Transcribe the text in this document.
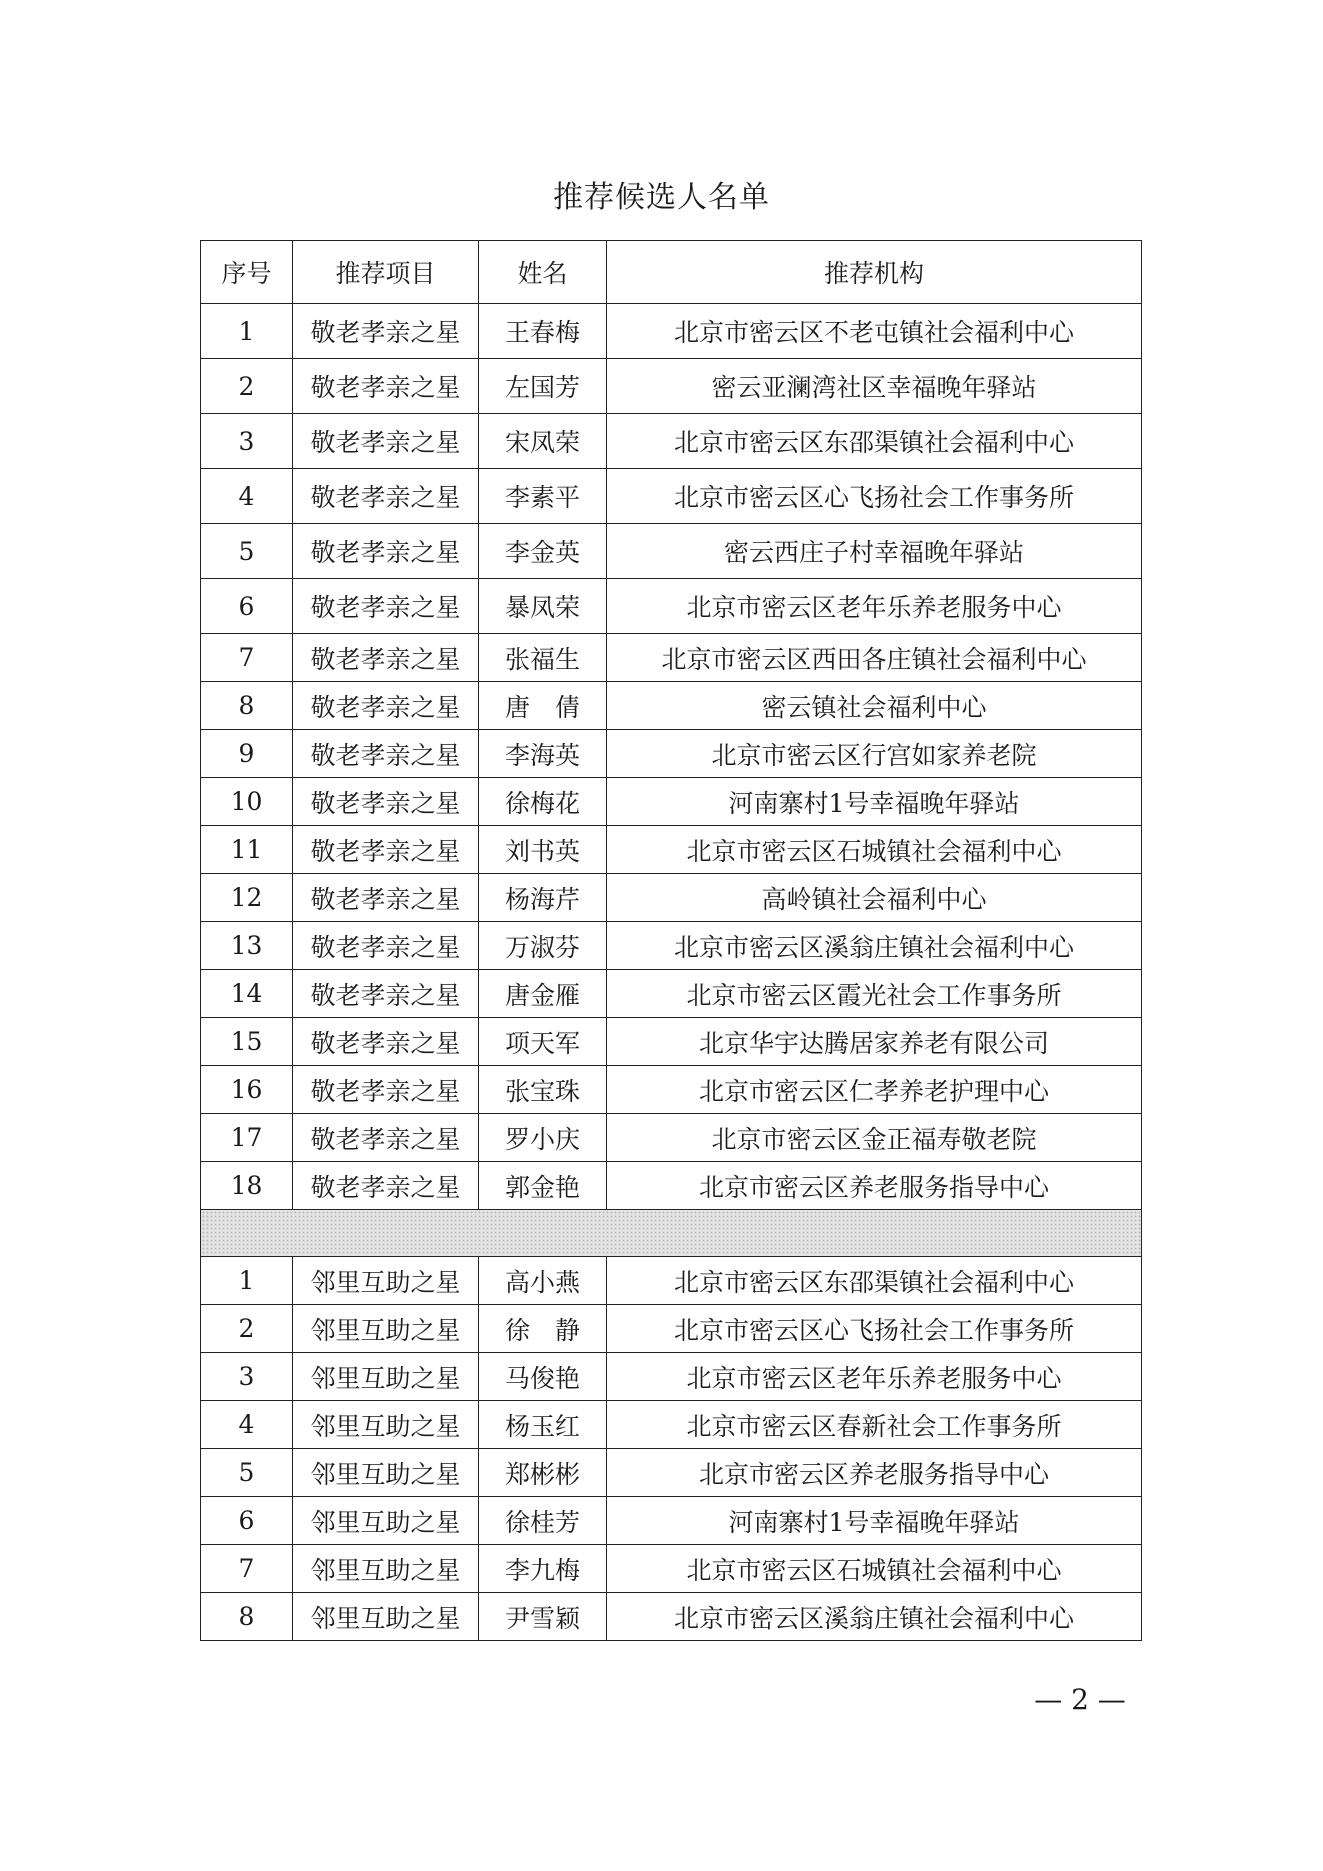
推荐候选人名单
序号	推荐项目	姓名	推荐机构
1	敬老孝亲之星	王春梅	北京市密云区不老屯镇社会福利中心
2	敬老孝亲之星	左国芳	密云亚澜湾社区幸福晚年驿站
3	敬老孝亲之星	宋凤荣	北京市密云区东邵渠镇社会福利中心
4	敬老孝亲之星	李素平	北京市密云区心飞扬社会工作事务所
5	敬老孝亲之星	李金英	密云西庄子村幸福晚年驿站
6	敬老孝亲之星	暴凤荣	北京市密云区老年乐养老服务中心
7	敬老孝亲之星	张福生	北京市密云区西田各庄镇社会福利中心
8	敬老孝亲之星	唐　倩	密云镇社会福利中心
9	敬老孝亲之星	李海英	北京市密云区行宫如家养老院
10	敬老孝亲之星	徐梅花	河南寨村1号幸福晚年驿站
11	敬老孝亲之星	刘书英	北京市密云区石城镇社会福利中心
12	敬老孝亲之星	杨海芹	高岭镇社会福利中心
13	敬老孝亲之星	万淑芬	北京市密云区溪翁庄镇社会福利中心
14	敬老孝亲之星	唐金雁	北京市密云区霞光社会工作事务所
15	敬老孝亲之星	项天军	北京华宇达腾居家养老有限公司
16	敬老孝亲之星	张宝珠	北京市密云区仁孝养老护理中心
17	敬老孝亲之星	罗小庆	北京市密云区金正福寿敬老院
18	敬老孝亲之星	郭金艳	北京市密云区养老服务指导中心

1	邻里互助之星	高小燕	北京市密云区东邵渠镇社会福利中心
2	邻里互助之星	徐　静	北京市密云区心飞扬社会工作事务所
3	邻里互助之星	马俊艳	北京市密云区老年乐养老服务中心
4	邻里互助之星	杨玉红	北京市密云区春新社会工作事务所
5	邻里互助之星	郑彬彬	北京市密云区养老服务指导中心
6	邻里互助之星	徐桂芳	河南寨村1号幸福晚年驿站
7	邻里互助之星	李九梅	北京市密云区石城镇社会福利中心
8	邻里互助之星	尹雪颖	北京市密云区溪翁庄镇社会福利中心
— 2 —
